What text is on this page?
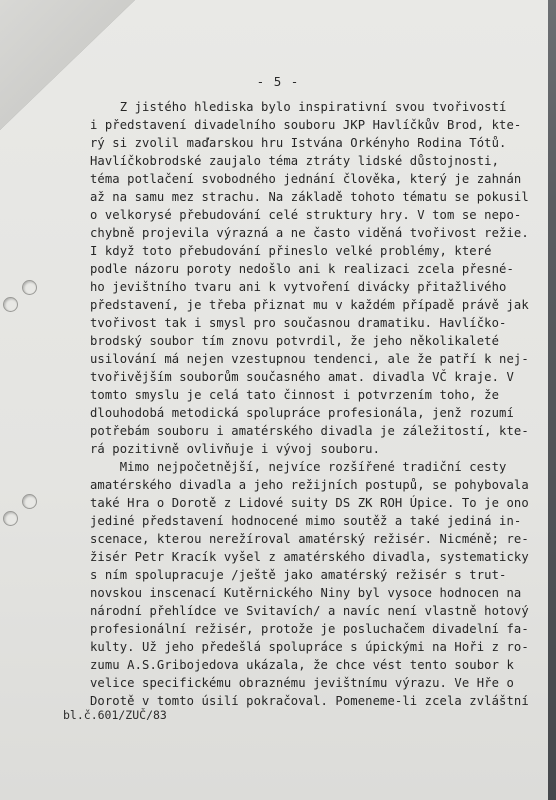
- 5 -
Z jistého hlediska bylo inspirativní svou tvořivostí
i představení divadelního souboru JKP Havlíčkův Brod, kte-
rý si zvolil maďarskou hru Istvána Orkényho Rodina Tótů.
Havlíčkobrodské zaujalo téma ztráty lidské důstojnosti,
téma potlačení svobodného jednání člověka, který je zahnán
až na samu mez strachu. Na základě tohoto tématu se pokusil
o velkorysé přebudování celé struktury hry. V tom se nepo-
chybně projevila výrazná a ne často viděná tvořivost režie.
I když toto přebudování přineslo velké problémy, které
podle názoru poroty nedošlo ani k realizaci zcela přesné-
ho jevištního tvaru ani k vytvoření divácky přitažlivého
představení, je třeba přiznat mu v každém případě právě jak
tvořivost tak i smysl pro současnou dramatiku. Havlíčko-
brodský soubor tím znovu potvrdil, že jeho několikaleté
usilování má nejen vzestupnou tendenci, ale že patří k nej-
tvořivějším souborům současného amat. divadla VČ kraje. V
tomto smyslu je celá tato činnost i potvrzením toho, že
dlouhodobá metodická spolupráce profesionála, jenž rozumí
potřebám souboru i amatérského divadla je záležitostí, kte-
rá pozitivně ovlivňuje i vývoj souboru.
Mimo nejpočetnější, nejvíce rozšířené tradiční cesty
amatérského divadla a jeho režijních postupů, se pohybovala
také Hra o Dorotě z Lidové suity DS ZK ROH Úpice. To je ono
jediné představení hodnocené mimo soutěž a také jediná in-
scenace, kterou nerežíroval amatérský režisér. Nicméně; re-
žisér Petr Kracík vyšel z amatérského divadla, systematicky
s ním spolupracuje /ještě jako amatérský režisér s trut-
novskou inscenací Kutěrnického Niny byl vysoce hodnocen na
národní přehlídce ve Svitavích/ a navíc není vlastně hotový
profesionální režisér, protože je posluchačem divadelní fa-
kulty. Už jeho předešlá spolupráce s úpickými na Hoři z ro-
zumu A.S.Gribojedova ukázala, že chce vést tento soubor k
velice specifickému obraznému jevištnímu výrazu. Ve Hře o
Dorotě v tomto úsilí pokračoval. Pomeneme-li zcela zvláštní
bl.č.601/ZUČ/83
